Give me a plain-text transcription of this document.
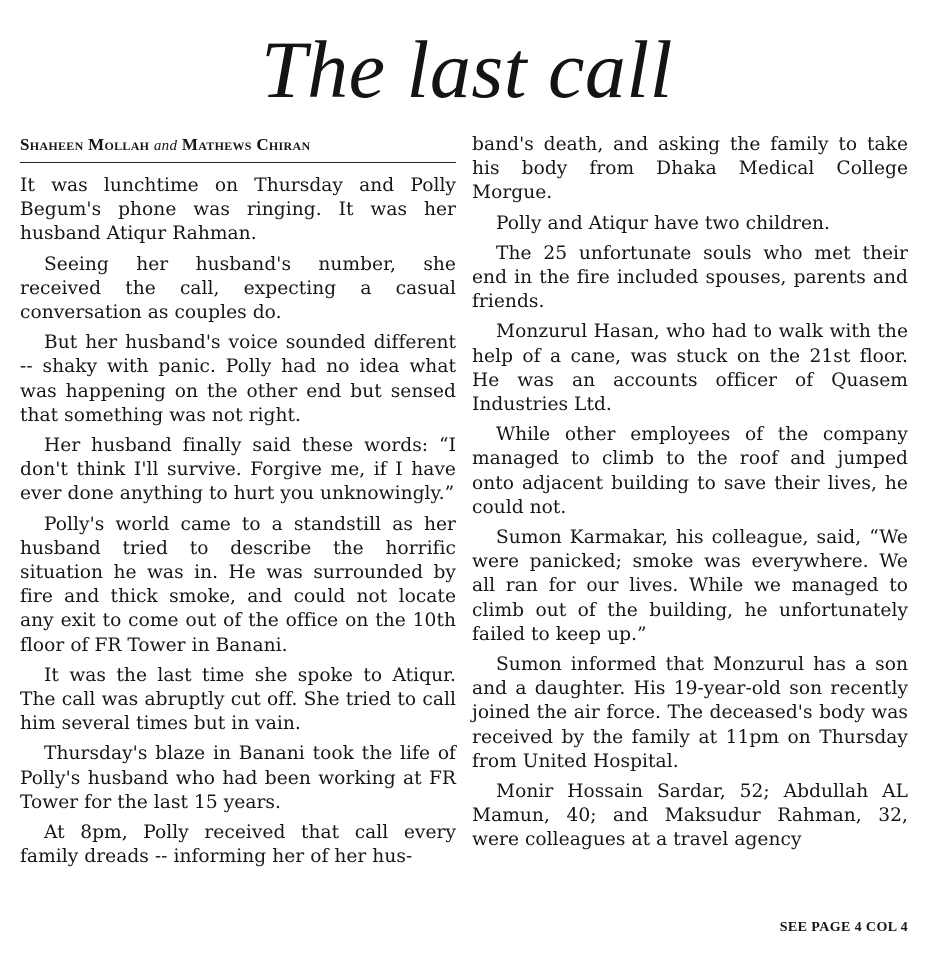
The last call
Shaheen Mollah and Mathews Chiran

It was lunchtime on Thursday and Polly Begum's phone was ringing. It was her husband Atiqur Rahman.

Seeing her husband's number, she received the call, expecting a casual conversation as couples do.

But her husband's voice sounded different -- shaky with panic. Polly had no idea what was happening on the other end but sensed that something was not right.

Her husband finally said these words: “I don't think I'll survive. Forgive me, if I have ever done anything to hurt you unknowingly.”

Polly's world came to a standstill as her husband tried to describe the horrific situation he was in. He was surrounded by fire and thick smoke, and could not locate any exit to come out of the office on the 10th floor of FR Tower in Banani.

It was the last time she spoke to Atiqur. The call was abruptly cut off. She tried to call him several times but in vain.

Thursday's blaze in Banani took the life of Polly's husband who had been working at FR Tower for the last 15 years.

At 8pm, Polly received that call every family dreads -- informing her of her hus-

band's death, and asking the family to take his body from Dhaka Medical College Morgue.

Polly and Atiqur have two children.

The 25 unfortunate souls who met their end in the fire included spouses, parents and friends.

Monzurul Hasan, who had to walk with the help of a cane, was stuck on the 21st floor. He was an accounts officer of Quasem Industries Ltd.

While other employees of the company managed to climb to the roof and jumped onto adjacent building to save their lives, he could not.

Sumon Karmakar, his colleague, said, “We were panicked; smoke was everywhere. We all ran for our lives. While we managed to climb out of the building, he unfortunately failed to keep up.”

Sumon informed that Monzurul has a son and a daughter. His 19-year-old son recently joined the air force. The deceased's body was received by the family at 11pm on Thursday from United Hospital.

Monir Hossain Sardar, 52; Abdullah AL Mamun, 40; and Maksudur Rahman, 32, were colleagues at a travel agency

SEE PAGE 4 COL 4
